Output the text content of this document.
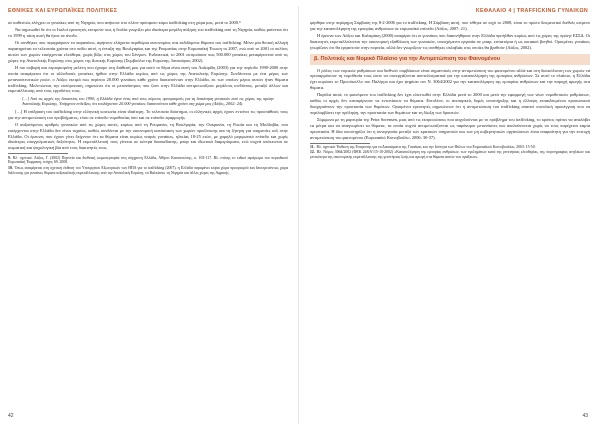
ΕΘΝΙΚΕΣ ΚΑΙ ΕΥΡΩΠΑΪΚΕΣ ΠΟΛΙΤΙΚΕΣ

σε καθεστώς ελέγχου οι γυναίκες από τη Νιγηρία, που ανήκουν στο πλέον πρόσφατο κύμα trafficking στη χώρα μας, μετά το 2000.⁹

Να σημειωθεί δε ότι οι Ιταλοί ερευνητές εκτιμούν πως η Ιταλία γνωρίζει μία ιδιαίτερα μεγάλη αύξηση του trafficking από τη Νιγηρία, καθώς φαίνεται ότι το 1999 η τάση αυτή θα ήταν σε άνοδο.

Οι συνθήκες που περιγράφουν τα παραπάνω, αφήνουν ελάχιστα περιθώρια αυτονομίας στα εκδιδόμενα θύματα του trafficking. Μόνο μία θετική αλλαγή παρατηρείται τα τελευταία χρόνια στο πεδίο αυτό, η ένταξη της Βουλγαρίας και της Ρουμανίας στην Ευρωπαϊκή Ένωση το 2007, ενώ από το 2001 οι πολίτες αυτών των χωρών εισέρχονται ελεύθερα, χωρίς βίζα, στις χώρες του Σένγκεν. Ενδεικτικά, το 2001 εκτιμούσαν πως 500.000 γυναίκες μεταφέρονταν από τις χώρες της Ανατολικής Ευρώπης στις χώρες της Δυτικής Ευρώπης (Συμβούλιο της Ευρώπης, Ιανουάριος 2002).

Η πιο σοβαρή και περιορισμένη μελέτη που έχουμε στη διάθεσή μας για αυτό το θέμα είναι αυτή του Λαζαρίδη (2003) για την περίοδο 1990-2000 στην οποία αναφέρεται ότι οι αλλοδαπές γυναίκες ήρθαν στην Ελλάδα κυρίως από τις χώρες της Ανατολικής Ευρώπης. Συνδέονται με ένα μέρος των μεταναστευτικών ροών, ο Λάζος εκτιμά πως περίπου 20.000 γυναίκες κάθε χρόνο διακινούνταν στην Ελλάδα, εκ των οποίων μέρος αυτών ήταν θύματα trafficking. Μελετώντας την εκπόρνευση, σημειώνει ότι οι μετανάστριες που ζουν στην Ελλάδα αντιμετωπίζουν μεγάλους κινδύνους, μεταξύ άλλων και εκμετάλλευσης από τους εργοδότες τους.

[…] Από τις αρχές της δεκαετίας του 1990, η Ελλάδα έγινε ένας από τους κύριους προορισμούς για τη διακίνηση γυναικών από τις χώρες της πρώην Ανατολικής Ευρώπης. Υπάρχουν ενδείξεις ότι τουλάχιστον 20.000 γυναίκες διακινούνται κάθε χρόνο στη χώρα μας (Λάζος, 2002: 24).

[…] Η επίδραση του trafficking στην ελληνική κοινωνία είναι ιδιαίτερη. Το τελευταίο διάστημα, οι ελληνικές αρχές έχουν εντείνει τις προσπάθειές τους για την αντιμετώπιση του προβλήματος, τόσο σε επίπεδο νομοθεσίας όσο και σε επίπεδο εφαρμογής.

Ο αυξανόμενος αριθμός γυναικών από τις χώρες αυτές, κυρίως από τη Ρουμανία, τη Βουλγαρία, την Ουκρανία, τη Ρωσία και τη Μολδαβία, που εισέρχονται στην Ελλάδα δεν είναι τυχαίος, καθώς συνδέεται με την οικονομική κατάσταση των χωρών προέλευσης και τη ζήτηση για υπηρεσίες σεξ στην Ελλάδα. Οι έρευνες που έχουν γίνει δείχνουν ότι τα θύματα είναι κυρίως νεαρές γυναίκες, ηλικίας 18-25 ετών, με χαμηλό μορφωτικό επίπεδο και χωρίς ιδιαίτερες επαγγελματικές δεξιότητες. Η εκμετάλλευσή τους γίνεται σε κέντρα διασκέδασης, μπαρ και ιδιωτικά διαμερίσματα, ενώ συχνά υπόκεινται σε σωματική και ψυχολογική βία από τους διακινητές τους.

9. Βλ. σχετικά: Λάζος, Γ. (2002) Πορνεία και διεθνική σωματεμπορία στη σύγχρονη Ελλάδα, Αθήνα: Καστανιώτης, σ. 103-117. Βλ. επίσης το ειδικό αφιέρωμα του περιοδικού Ευρωπαϊκή Έκφραση, τεύχος 69, 2008.
10. Όπως αναφέρεται στη σχετική έκθεση του Υπουργείου Εξωτερικών των ΗΠΑ για το trafficking (2007), η Ελλάδα παραμένει κύρια χώρα προορισμού και δευτερευόντως χώρα διέλευσης για γυναίκες θύματα σεξουαλικής εκμετάλλευσης από την Ανατολική Ευρώπη, τα Βαλκάνια, τη Νιγηρία και άλλες χώρες της Αφρικής.
42
ΚΕΦΑΛΑΙΟ 4 | TRAFFICKING ΓΥΝΑΙΚΩΝ

φέρθηκε στην περίφημη Σύμβαση της 8-2-2006 για το trafficking. Η Σύμβαση αυτή, που τέθηκε σε ισχύ το 2008, είναι το πρώτο δεσμευτικό διεθνές κείμενο για την καταπολέμηση της εμπορίας ανθρώπων σε ευρωπαϊκό επίπεδο (Λάζος, 2007: 21).

Η έρευνα των Λάζου και Καλαμάκη (2000) αναφέρει ότι οι γυναίκες που διακινήθηκαν στην Ελλάδα προήλθαν κυρίως από τις χώρες της πρώην ΕΣΣΔ. Οι διακινητές εκμεταλλεύονται την οικονομική εξαθλίωση των γυναικών, υποσχόμενοι εργασία σε μπαρ, εστιατόρια ή ως οικιακοί βοηθοί. Ορισμένες γυναίκες γνωρίζουν ότι θα εργαστούν στην πορνεία, αλλά δεν γνωρίζουν τις συνθήκες σκλαβιάς στις οποίες θα βρεθούν (Λάζος, 2002).

β. Πολιτικές και Νομικό Πλαίσιο για την Αντιμετώπιση του Φαινομένου

Ο ρόλος των νομικών ρυθμίσεων και διεθνών συμβάσεων είναι σημαντικός στην αντιμετώπιση του φαινομένου αλλά και στη διευκόλυνση των χωρών να προσαρμόσουν τη νομοθεσία τους ώστε να συνεργάζονται αποτελεσματικά για την καταπολέμηση της εμπορίας ανθρώπων. Σε αυτό το πλαίσιο, η Ελλάδα έχει κυρώσει το Πρωτόκολλο του Παλέρμο και έχει ψηφίσει τον Ν. 3064/2002 για την καταπολέμηση της εμπορίας ανθρώπων και την παροχή αρωγής στα θύματα.

Παρόλα αυτά, το φαινόμενο του trafficking δεν έχει ελαττωθεί στην Ελλάδα μετά το 2000 και μετά την εφαρμογή των νέων νομοθετικών ρυθμίσεων, καθώς οι αρχές δεν καταφέρνουν να εντοπίσουν τα θύματα. Επιπλέον, οι ανεπαρκείς δομές υποστήριξης και η έλλειψη εκπαιδευμένου προσωπικού δυσχεραίνουν την προστασία των θυμάτων. Ορισμένοι ερευνητές σημειώνουν ότι η αντιμετώπιση του trafficking απαιτεί συνολική προσέγγιση που να περιλαμβάνει την πρόληψη, την προστασία των θυμάτων και τη δίωξη των δραστών.

Σύμφωνα με τη μαρτυρία της Petra Sorensen, μιας από τις εκπροσώπους που ασχολούνται με το πρόβλημα του trafficking, το κράτος πρέπει να αναλάβει τα μέτρα και να αναγνωρίσει τα θύματα, τα οποία συχνά αντιμετωπίζονται ως παράνομοι μετανάστες και απελαύνονται χωρίς να τους παρέχεται καμία προστασία. Η ίδια υποστηρίζει ότι η συνεργασία μεταξύ των κρατικών υπηρεσιών και των μη κυβερνητικών οργανώσεων είναι απαραίτητη για την επιτυχή αντιμετώπιση του φαινομένου (Ευρωπαϊκό Κοινοβούλιο, 2006: 30-37).

11. Βλ. σχετικά: Έκθεση της Επιτροπής για τα Δικαιώματα της Γυναίκας και την Ισότητα των Φύλων του Ευρωπαϊκού Κοινοβουλίου, 2003: 15-50.
12. Βλ. Νόμος 3064/2002 (ΦΕΚ 248/Α'/15-10-2002) «Καταπολέμηση της εμπορίας ανθρώπων, των εγκλημάτων κατά της γενετήσιας ελευθερίας, της πορνογραφίας ανηλίκων και γενικότερα της οικονομικής εκμετάλλευσης της γενετήσιας ζωής και αρωγή στα θύματα αυτών των πράξεων».
43
